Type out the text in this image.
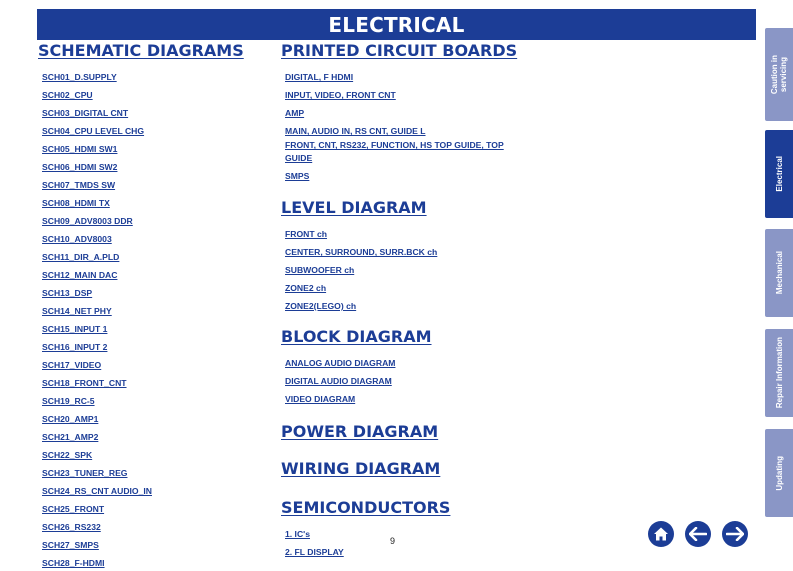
ELECTRICAL
SCHEMATIC DIAGRAMS
SCH01_D.SUPPLY
SCH02_CPU
SCH03_DIGITAL CNT
SCH04_CPU LEVEL CHG
SCH05_HDMI SW1
SCH06_HDMI SW2
SCH07_TMDS SW
SCH08_HDMI TX
SCH09_ADV8003 DDR
SCH10_ADV8003
SCH11_DIR_A.PLD
SCH12_MAIN DAC
SCH13_DSP
SCH14_NET PHY
SCH15_INPUT 1
SCH16_INPUT 2
SCH17_VIDEO
SCH18_FRONT_CNT
SCH19_RC-5
SCH20_AMP1
SCH21_AMP2
SCH22_SPK
SCH23_TUNER_REG
SCH24_RS_CNT AUDIO_IN
SCH25_FRONT
SCH26_RS232
SCH27_SMPS
SCH28_F-HDMI
PRINTED CIRCUIT BOARDS
DIGITAL, F HDMI
INPUT, VIDEO, FRONT CNT
AMP
MAIN, AUDIO IN, RS CNT, GUIDE L
FRONT, CNT, RS232, FUNCTION, HS TOP GUIDE, TOP GUIDE
SMPS
LEVEL DIAGRAM
FRONT ch
CENTER, SURROUND, SURR.BCK ch
SUBWOOFER ch
ZONE2 ch
ZONE2(LEGO) ch
BLOCK DIAGRAM
ANALOG AUDIO DIAGRAM
DIGITAL AUDIO DIAGRAM
VIDEO DIAGRAM
POWER DIAGRAM
WIRING DIAGRAM
SEMICONDUCTORS
1. IC's
2. FL DISPLAY
9
Caution in
servicing
Electrical
Mechanical
Repair Information
Updating
